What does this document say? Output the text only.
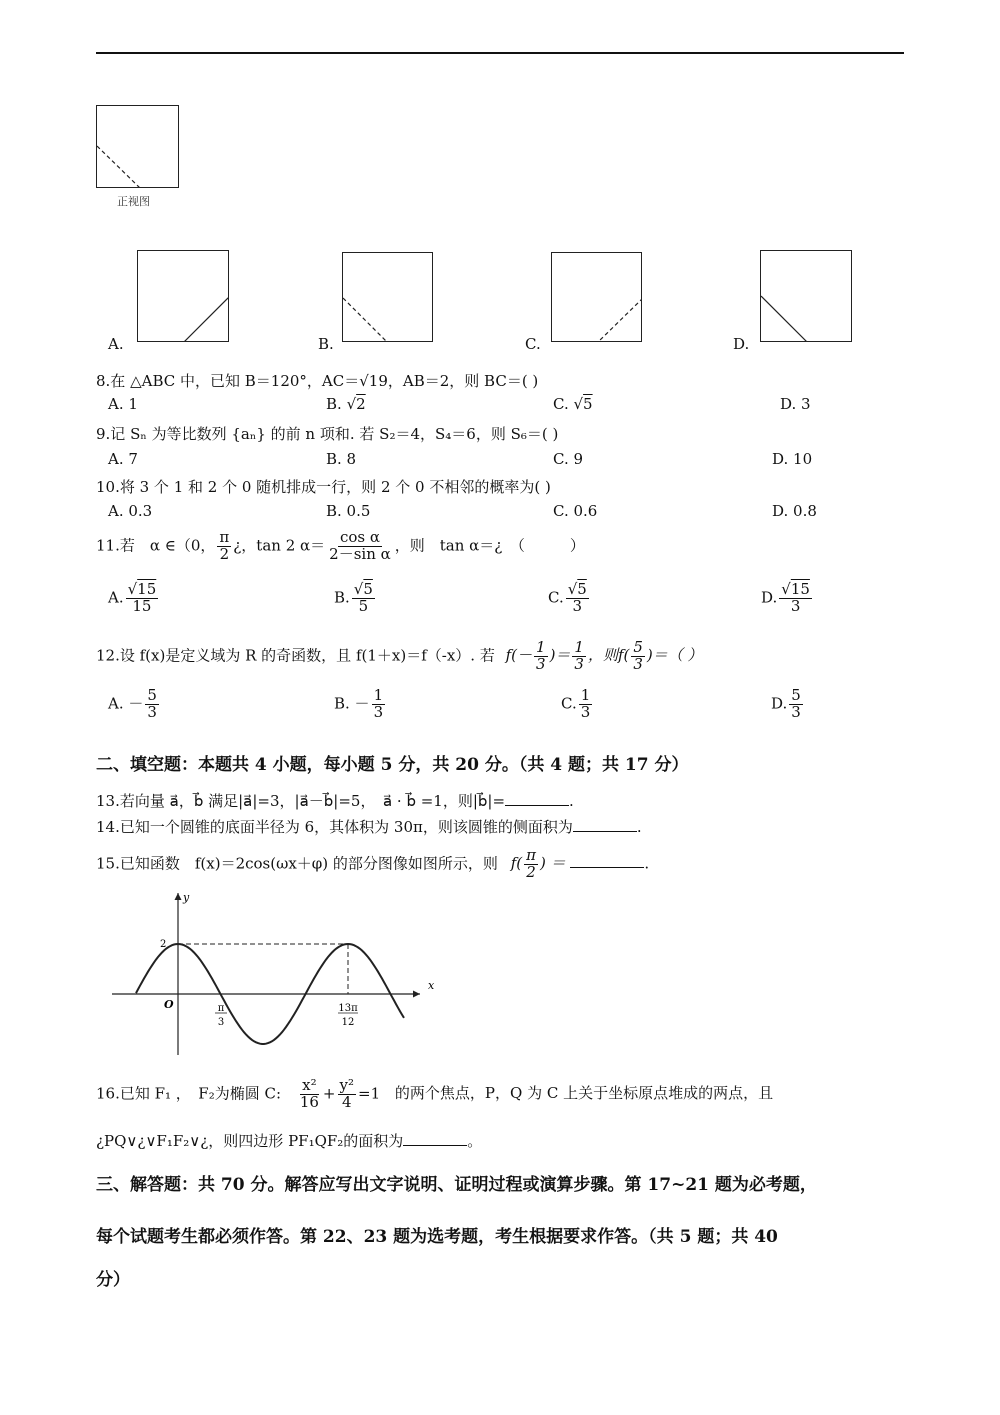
正视图
A.	B.	C.	D.
8.在 △ABC 中，已知 B＝120°，AC＝√19，AB＝2，则 BC＝( )
A. 1	B. √2	C. √5	D. 3
9.记 Sₙ 为等比数列 {aₙ} 的前 n 项和. 若 S₂＝4，S₄＝6，则 S₆＝( )
A. 7	B. 8	C. 9	D. 10
10.将 3 个 1 和 2 个 0 随机排成一行，则 2 个 0 不相邻的概率为( )
A. 0.3	B. 0.5	C. 0.6	D. 0.8
11.若　α ∈（0， $\frac{\pi}{2}$ ¿，tan 2 $\alpha= \frac{\text{cos α}}{\text{2－sin α}}$ ，则　tan α＝¿　（　　　）
A. $\frac{√15}{15}$	B. $\frac{√5}{5}$	C. $\frac{√5}{3}$	D. $\frac{√15}{3}$
12.设 f(x)是定义域为 R 的奇函数，且 f(1＋x)＝f（-x）. 若 $f(- \frac{1}{3}$ )＝ $\frac{1}{3}$ ，则$f( \frac{5}{3}$ )＝（ ）
A. － $\frac{5}{3}$	B. － $\frac{1}{3}$	C. $\frac{1}{3}$	D. $\frac{5}{3}$
二、填空题：本题共 4 小题，每小题 5 分，共 20 分。（共 4 题；共 17 分）
13.若向量 a⃗，b⃗ 满足|a⃗|=3，|a⃗－b⃗|=5，　a⃗ · b⃗ =1，则|b⃗|=	.
14.已知一个圆锥的底面半径为 6，其体积为 30π，则该圆锥的侧面积为	.
15.已知函数　f(x)＝2cos(ωx＋φ) 的部分图像如图所示，则 $f( \frac{\pi}{2}$ ) ＝	.
y
x
O
2
π
3
13π
12
16.已知 F₁ ，　F₂为椭圆 C: $\frac{\text{x²}}{16} + \frac{\text{y²}}{4} =1$ 的两个焦点，P，Q 为 C 上关于坐标原点堆成的两点，且
¿PQ∨¿∨F₁F₂∨¿，则四边形 PF₁QF₂的面积为	。
三、解答题：共 70 分。解答应写出文字说明、证明过程或演算步骤。第 17~21 题为必考题，
每个试题考生都必须作答。第 22、23 题为选考题，考生根据要求作答。（共 5 题；共 40
分）
